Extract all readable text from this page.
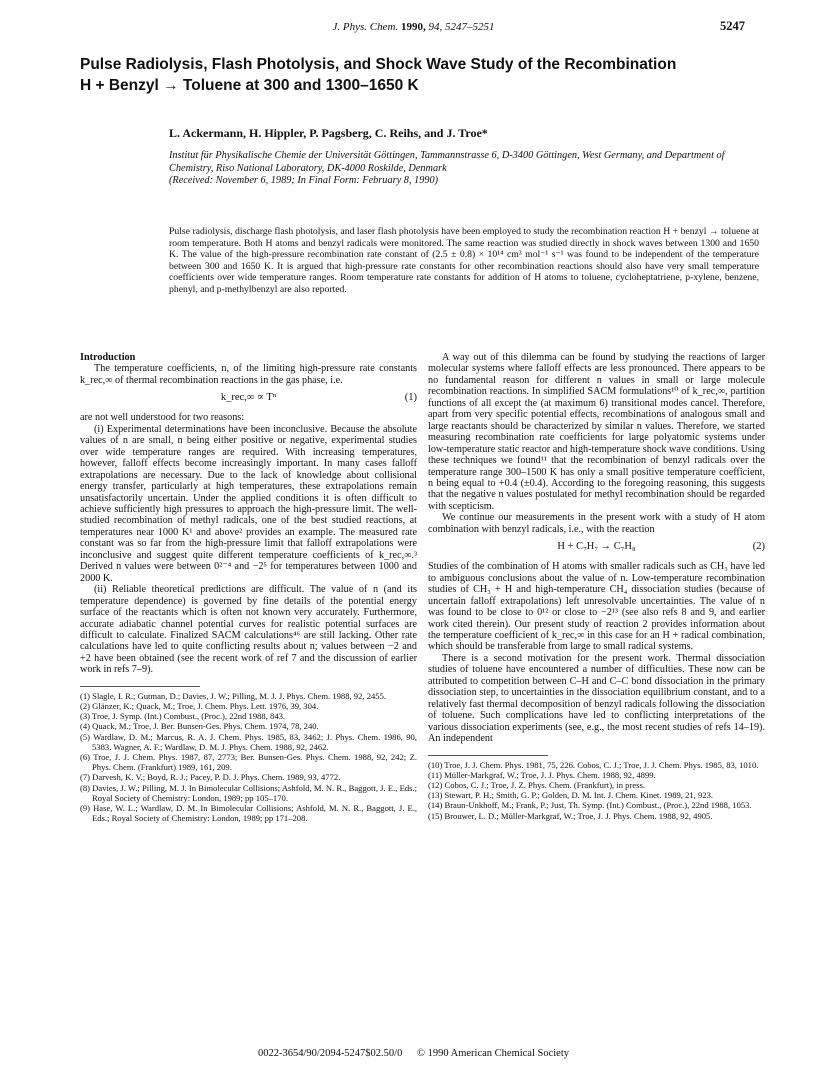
J. Phys. Chem. 1990, 94, 5247–5251	5247
Pulse Radiolysis, Flash Photolysis, and Shock Wave Study of the Recombination
H + Benzyl → Toluene at 300 and 1300–1650 K
L. Ackermann, H. Hippler, P. Pagsberg, C. Reihs, and J. Troe*
Institut für Physikalische Chemie der Universität Göttingen, Tammannstrasse 6, D-3400 Göttingen, West Germany, and Department of Chemistry, Riso National Laboratory, DK-4000 Roskilde, Denmark
(Received: November 6, 1989; In Final Form: February 8, 1990)
Pulse radiolysis, discharge flash photolysis, and laser flash photolysis have been employed to study the recombination reaction H + benzyl → toluene at room temperature. Both H atoms and benzyl radicals were monitored. The same reaction was studied directly in shock waves between 1300 and 1650 K. The value of the high-pressure recombination rate constant of (2.5 ± 0.8) × 10¹⁴ cm³ mol⁻¹ s⁻¹ was found to be independent of the temperature between 300 and 1650 K. It is argued that high-pressure rate constants for other recombination reactions should also have very small temperature coefficients over wide temperature ranges. Room temperature rate constants for addition of H atoms to toluene, cycloheptatriene, p-xylene, benzene, phenyl, and p-methylbenzyl are also reported.

Introduction

The temperature coefficients, n, of the limiting high-pressure rate constants k_rec,∞ of thermal recombination reactions in the gas phase, i.e.

k_rec,∞ ∝ Tⁿ	(1)

are not well understood for two reasons:

(i) Experimental determinations have been inconclusive. Because the absolute values of n are small, n being either positive or negative, experimental studies over wide temperature ranges are required. With increasing temperatures, however, falloff effects become increasingly important. In many cases falloff extrapolations are necessary. Due to the lack of knowledge about collisional energy transfer, particularly at high temperatures, these extrapolations remain unsatisfactorily uncertain. Under the applied conditions it is often difficult to achieve sufficiently high pressures to approach the high-pressure limit. The well-studied recombination of methyl radicals, one of the best studied reactions, at temperatures near 1000 K¹ and above² provides an example. The measured rate constant was so far from the high-pressure limit that falloff extrapolations were inconclusive and suggest quite different temperature coefficients of k_rec,∞.³ Derived n values were between 0²⁻⁴ and −2⁵ for temperatures between 1000 and 2000 K.

(ii) Reliable theoretical predictions are difficult. The value of n (and its temperature dependence) is governed by fine details of the potential energy surface of the reactants which is often not known very accurately. Furthermore, accurate adiabatic channel potential curves for realistic potential surfaces are difficult to calculate. Finalized SACM calculations⁴⁶ are still lacking. Other rate calculations have led to quite conflicting results about n; values between −2 and +2 have been obtained (see the recent work of ref 7 and the discussion of earlier work in refs 7–9).

(1) Slagle, I. R.; Gutman, D.; Davies, J. W.; Pilling, M. J. J. Phys. Chem. 1988, 92, 2455.
(2) Glänzer, K.; Quack, M.; Troe, J. Chem. Phys. Lett. 1976, 39, 304.
(3) Troe, J. Symp. (Int.) Combust., (Proc.), 22nd 1988, 843.
(4) Quack, M.; Troe, J. Ber. Bunsen-Ges. Phys. Chem. 1974, 78, 240.
(5) Wardlaw, D. M.; Marcus, R. A. J. Chem. Phys. 1985, 83, 3462; J. Phys. Chem. 1986, 90, 5383. Wagner, A. F.; Wardlaw, D. M. J. Phys. Chem. 1988, 92, 2462.
(6) Troe, J. J. Chem. Phys. 1987, 87, 2773; Ber. Bunsen-Ges. Phys. Chem. 1988, 92, 242; Z. Phys. Chem. (Frankfurt) 1989, 161, 209.
(7) Darvesh, K. V.; Boyd, R. J.; Pacey, P. D. J. Phys. Chem. 1989, 93, 4772.
(8) Davies, J. W.; Pilling, M. J. In Bimolecular Collisions; Ashfold, M. N. R., Baggott, J. E., Eds.; Royal Society of Chemistry: London, 1989; pp 105–170.
(9) Hase, W. L.; Wardlaw, D. M. In Bimolecular Collisions; Ashfold, M. N. R., Baggott, J. E., Eds.; Royal Society of Chemistry: London, 1989; pp 171–208.

A way out of this dilemma can be found by studying the reactions of larger molecular systems where falloff effects are less pronounced. There appears to be no fundamental reason for different n values in small or large molecule recombination reactions. In simplified SACM formulations¹⁰ of k_rec,∞, partition functions of all except the (at maximum 6) transitional modes cancel. Therefore, apart from very specific potential effects, recombinations of analogous small and large reactants should be characterized by similar n values. Therefore, we started measuring recombination rate coefficients for large polyatomic systems under low-temperature static reactor and high-temperature shock wave conditions. Using these techniques we found¹¹ that the recombination of benzyl radicals over the temperature range 300–1500 K has only a small positive temperature coefficient, n being equal to +0.4 (±0.4). According to the foregoing reasoning, this suggests that the negative n values postulated for methyl recombination should be regarded with scepticism.

We continue our measurements in the present work with a study of H atom combination with benzyl radicals, i.e., with the reaction

H + C₇H₇ → C₇H₈	(2)

Studies of the combination of H atoms with smaller radicals such as CH₃ have led to ambiguous conclusions about the value of n. Low-temperature recombination studies of CH₃ + H and high-temperature CH₄ dissociation studies (because of uncertain falloff extrapolations) left unresolvable uncertainties. The value of n was found to be close to 0¹² or close to −2¹³ (see also refs 8 and 9, and earlier work cited therein). Our present study of reaction 2 provides information about the temperature coefficient of k_rec,∞ in this case for an H + radical combination, which should be transferable from large to small radical systems.

There is a second motivation for the present work. Thermal dissociation studies of toluene have encountered a number of difficulties. These now can be attributed to competition between C–H and C–C bond dissociation in the primary dissociation step, to uncertainties in the dissociation equilibrium constant, and to a relatively fast thermal decomposition of benzyl radicals following the dissociation of toluene. Such complications have led to conflicting interpretations of the various dissociation experiments (see, e.g., the most recent studies of refs 14–19). An independent

(10) Troe, J. J. Chem. Phys. 1981, 75, 226. Cobos, C. J.; Troe, J. J. Chem. Phys. 1985, 83, 1010.
(11) Müller-Markgraf, W.; Troe, J. J. Phys. Chem. 1988, 92, 4899.
(12) Cobos, C. J.; Troe, J. Z. Phys. Chem. (Frankfurt), in press.
(13) Stewart, P. H.; Smith, G. P.; Golden, D. M. Int. J. Chem. Kinet. 1989, 21, 923.
(14) Braun-Unkhoff, M.; Frank, P.; Just, Th. Symp. (Int.) Combust., (Proc.), 22nd 1988, 1053.
(15) Brouwer, L. D.; Müller-Markgraf, W.; Troe, J. J. Phys. Chem. 1988, 92, 4905.
0022-3654/90/2094-5247$02.50/0 © 1990 American Chemical Society
